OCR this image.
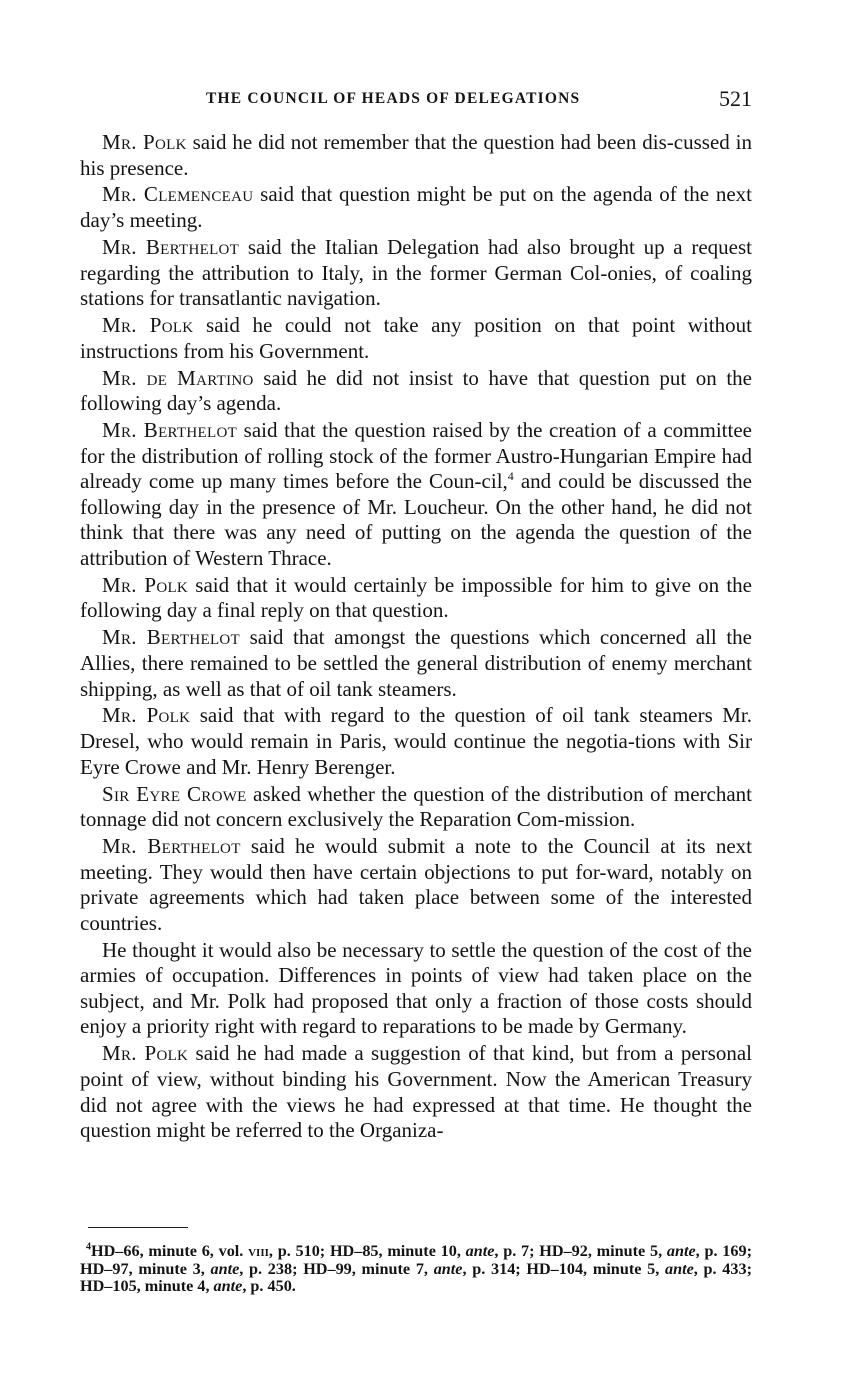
THE COUNCIL OF HEADS OF DELEGATIONS	521

Mr. Polk said he did not remember that the question had been dis-cussed in his presence.

Mr. Clemenceau said that question might be put on the agenda of the next day’s meeting.

Mr. Berthelot said the Italian Delegation had also brought up a request regarding the attribution to Italy, in the former German Col-onies, of coaling stations for transatlantic navigation.

Mr. Polk said he could not take any position on that point without instructions from his Government.

Mr. de Martino said he did not insist to have that question put on the following day’s agenda.

Mr. Berthelot said that the question raised by the creation of a committee for the distribution of rolling stock of the former Austro-Hungarian Empire had already come up many times before the Coun-cil,$^4$ and could be discussed the following day in the presence of Mr. Loucheur. On the other hand, he did not think that there was any need of putting on the agenda the question of the attribution of Western Thrace.

Mr. Polk said that it would certainly be impossible for him to give on the following day a final reply on that question.

Mr. Berthelot said that amongst the questions which concerned all the Allies, there remained to be settled the general distribution of enemy merchant shipping, as well as that of oil tank steamers.

Mr. Polk said that with regard to the question of oil tank steamers Mr. Dresel, who would remain in Paris, would continue the negotia-tions with Sir Eyre Crowe and Mr. Henry Berenger.

Sir Eyre Crowe asked whether the question of the distribution of merchant tonnage did not concern exclusively the Reparation Com-mission.

Mr. Berthelot said he would submit a note to the Council at its next meeting. They would then have certain objections to put for-ward, notably on private agreements which had taken place between some of the interested countries.

He thought it would also be necessary to settle the question of the cost of the armies of occupation. Differences in points of view had taken place on the subject, and Mr. Polk had proposed that only a fraction of those costs should enjoy a priority right with regard to reparations to be made by Germany.

Mr. Polk said he had made a suggestion of that kind, but from a personal point of view, without binding his Government. Now the American Treasury did not agree with the views he had expressed at that time. He thought the question might be referred to the Organiza-

$^4$HD–66, minute 6, vol. viii, p. 510; HD–85, minute 10, ante, p. 7; HD–92, minute 5, ante, p. 169; HD–97, minute 3, ante, p. 238; HD–99, minute 7, ante, p. 314; HD–104, minute 5, ante, p. 433; HD–105, minute 4, ante, p. 450.
